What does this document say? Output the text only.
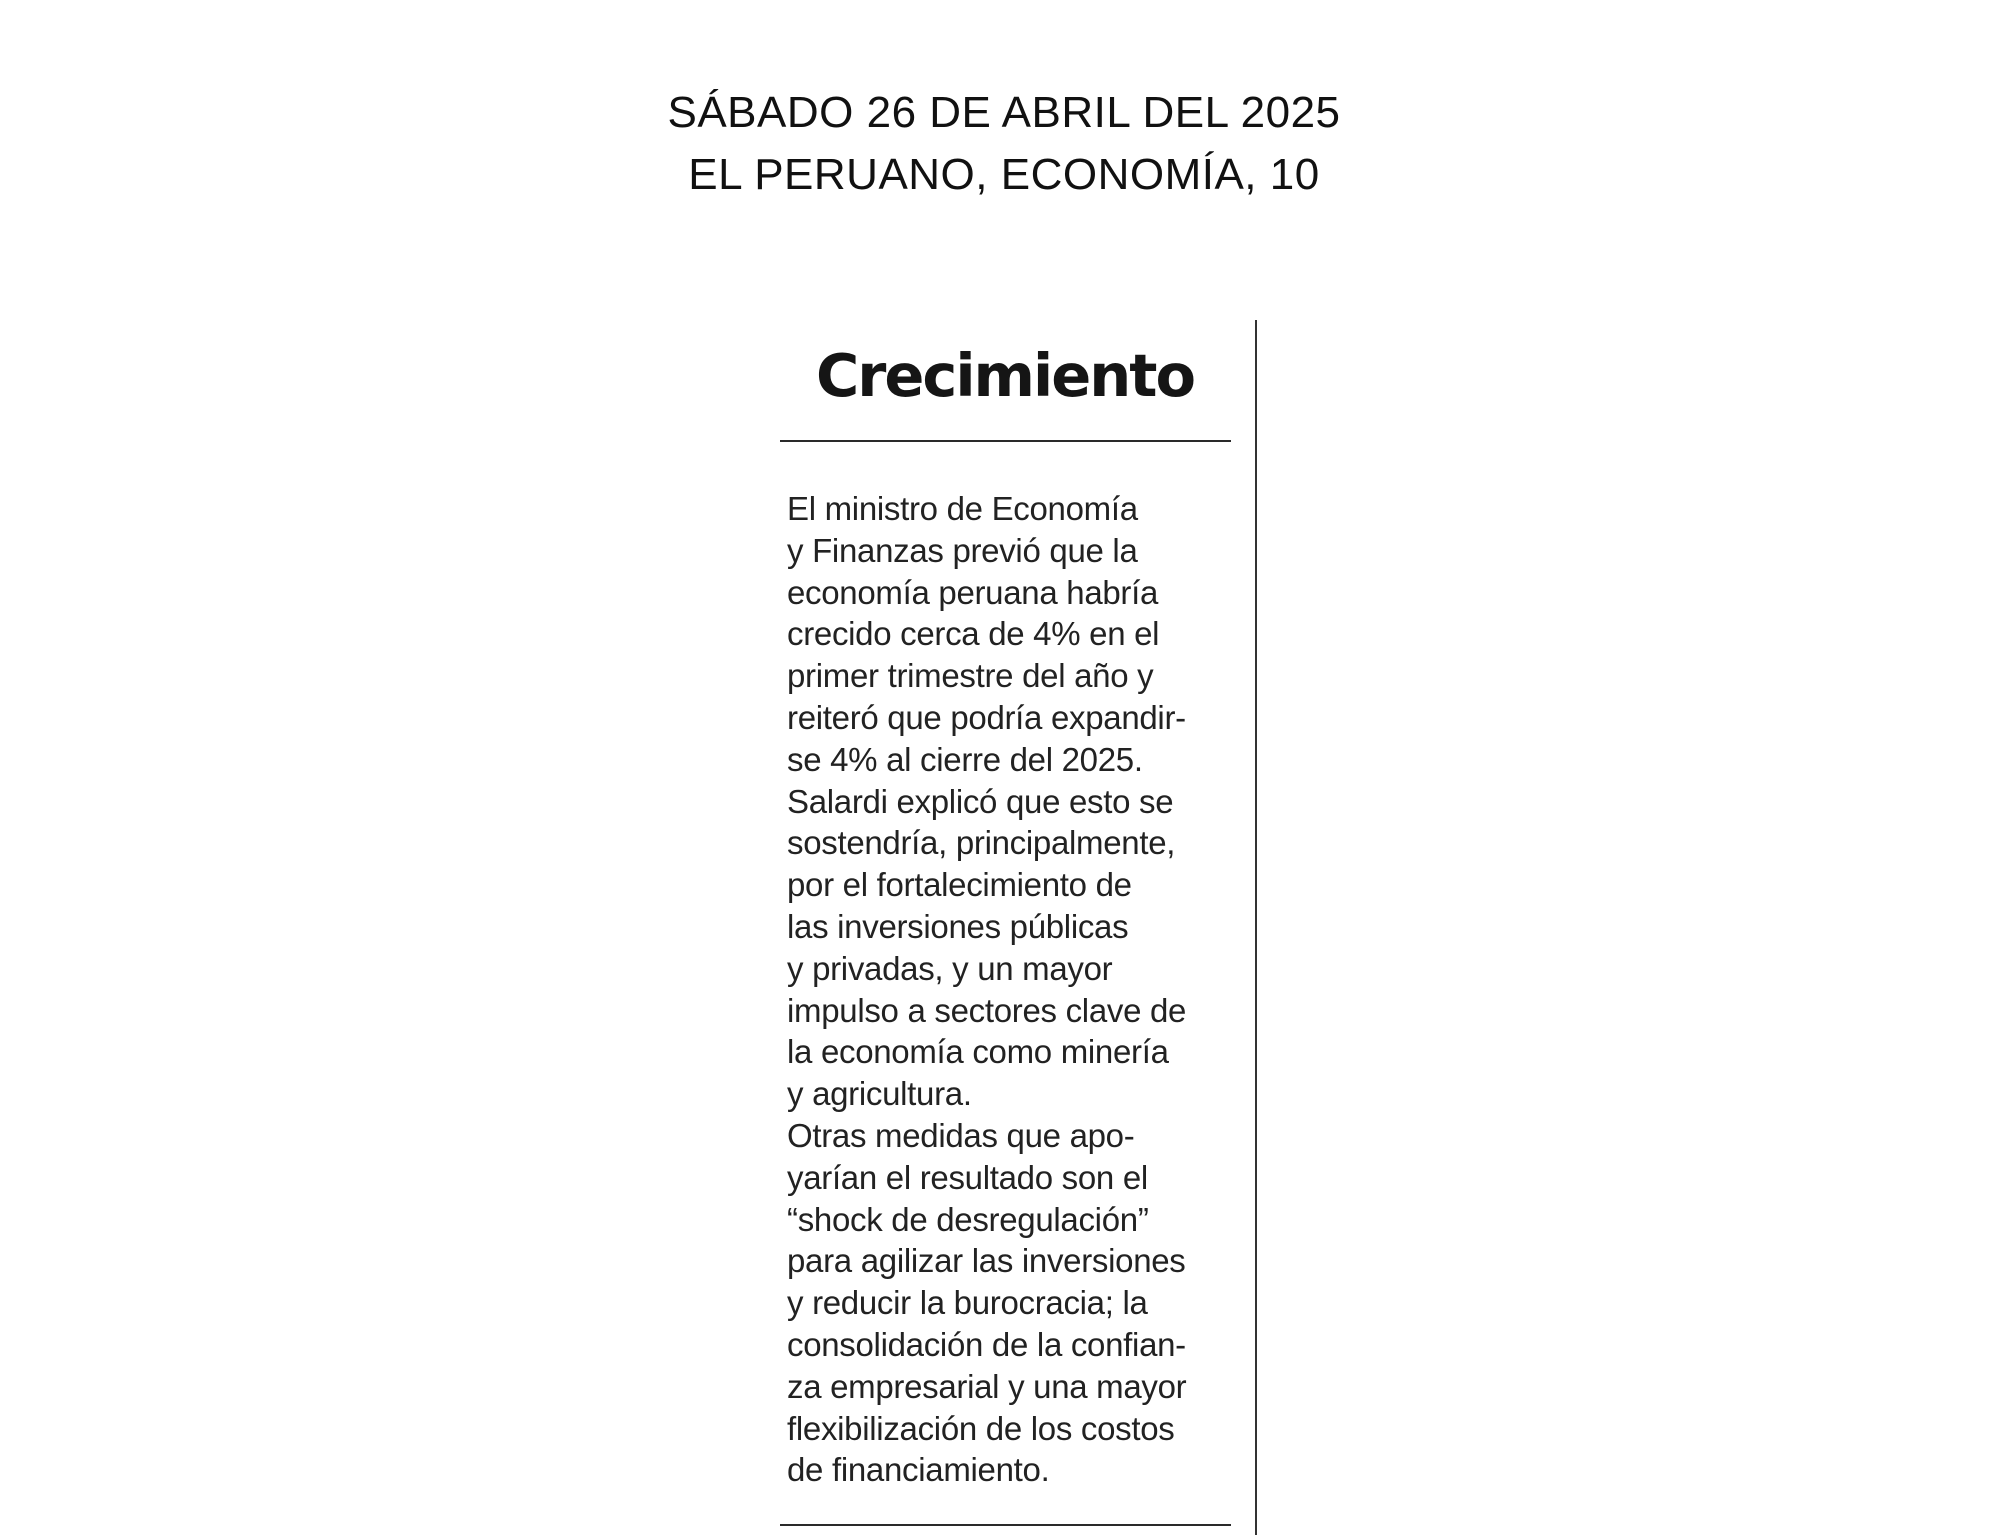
SÁBADO 26 DE ABRIL DEL 2025
EL PERUANO, ECONOMÍA, 10
Crecimiento
El ministro de Economía
y Finanzas previó que la
economía peruana habría
crecido cerca de 4% en el
primer trimestre del año y
reiteró que podría expandir-
se 4% al cierre del 2025.
Salardi explicó que esto se
sostendría, principalmente,
por el fortalecimiento de
las inversiones públicas
y privadas, y un mayor
impulso a sectores clave de
la economía como minería
y agricultura.
Otras medidas que apo-
yarían el resultado son el
“shock de desregulación”
para agilizar las inversiones
y reducir la burocracia; la
consolidación de la confian-
za empresarial y una mayor
flexibilización de los costos
de financiamiento.
